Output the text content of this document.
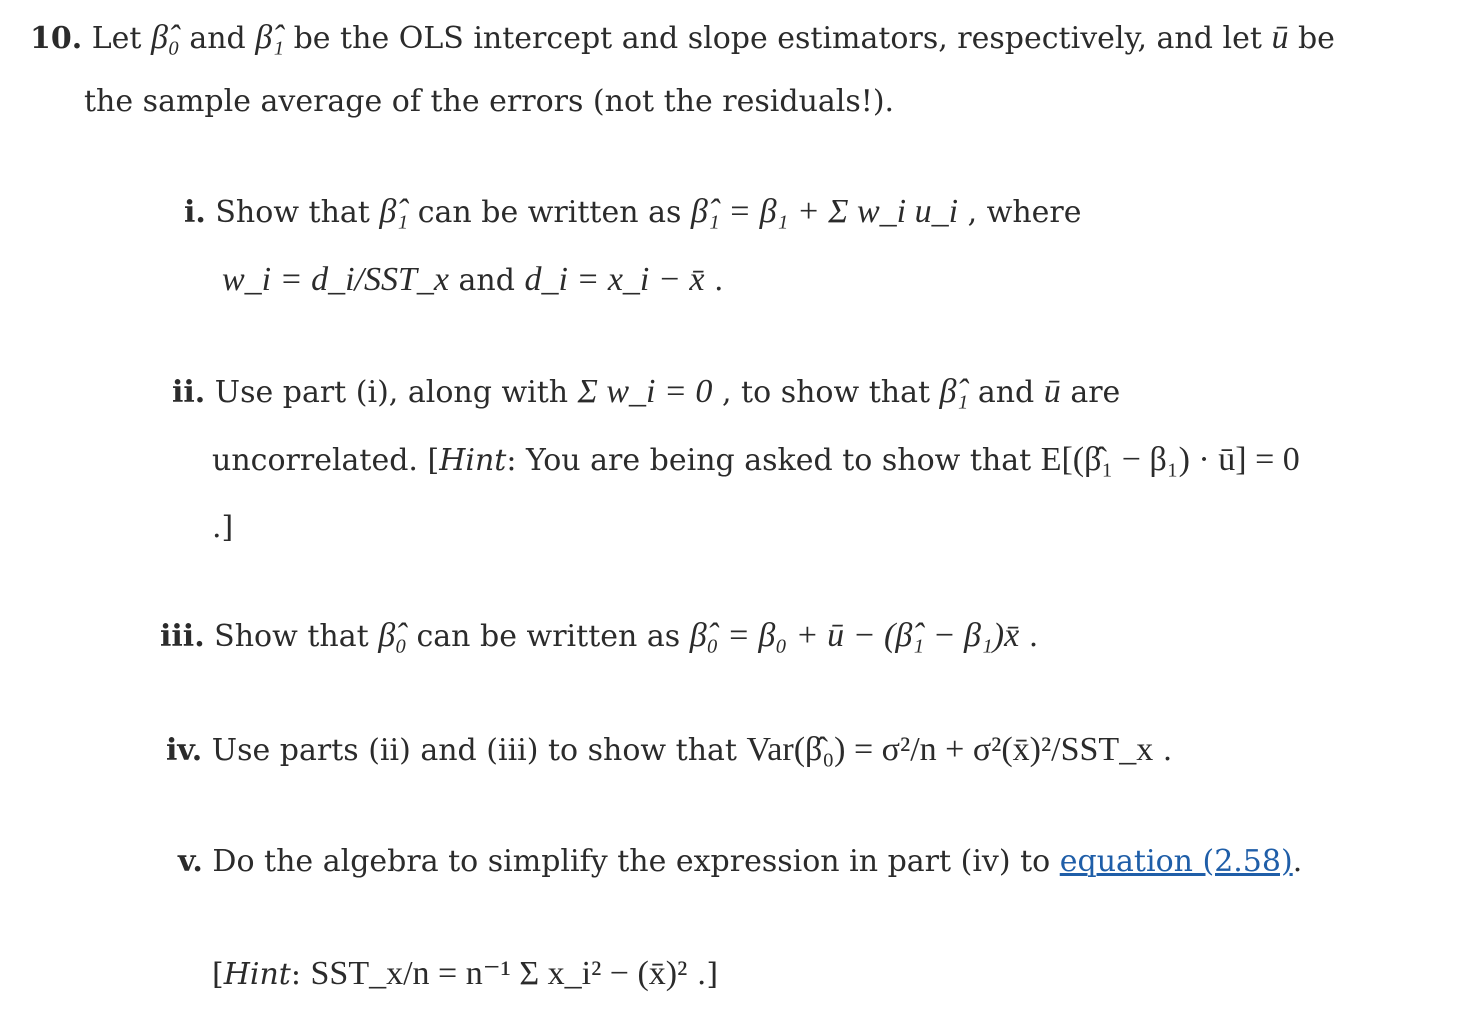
10. Let β̂₀ and β̂₁ be the OLS intercept and slope estimators, respectively, and let ū be
the sample average of the errors (not the residuals!).
i. Show that β̂₁ can be written as β̂₁ = β₁ + Σ w_i u_i , where
w_i = d_i/SST_x and d_i = x_i − x̄ .
ii. Use part (i), along with Σ w_i = 0 , to show that β̂₁ and ū are
uncorrelated. [Hint: You are being asked to show that E[(β̂₁ − β₁) · ū] = 0
.]
iii. Show that β̂₀ can be written as β̂₀ = β₀ + ū − (β̂₁ − β₁)x̄ .
iv. Use parts (ii) and (iii) to show that Var(β̂₀) = σ²/n + σ²(x̄)²/SST_x .
v. Do the algebra to simplify the expression in part (iv) to equation (2.58).
[Hint: SST_x/n = n⁻¹ Σ x_i² − (x̄)² .]
